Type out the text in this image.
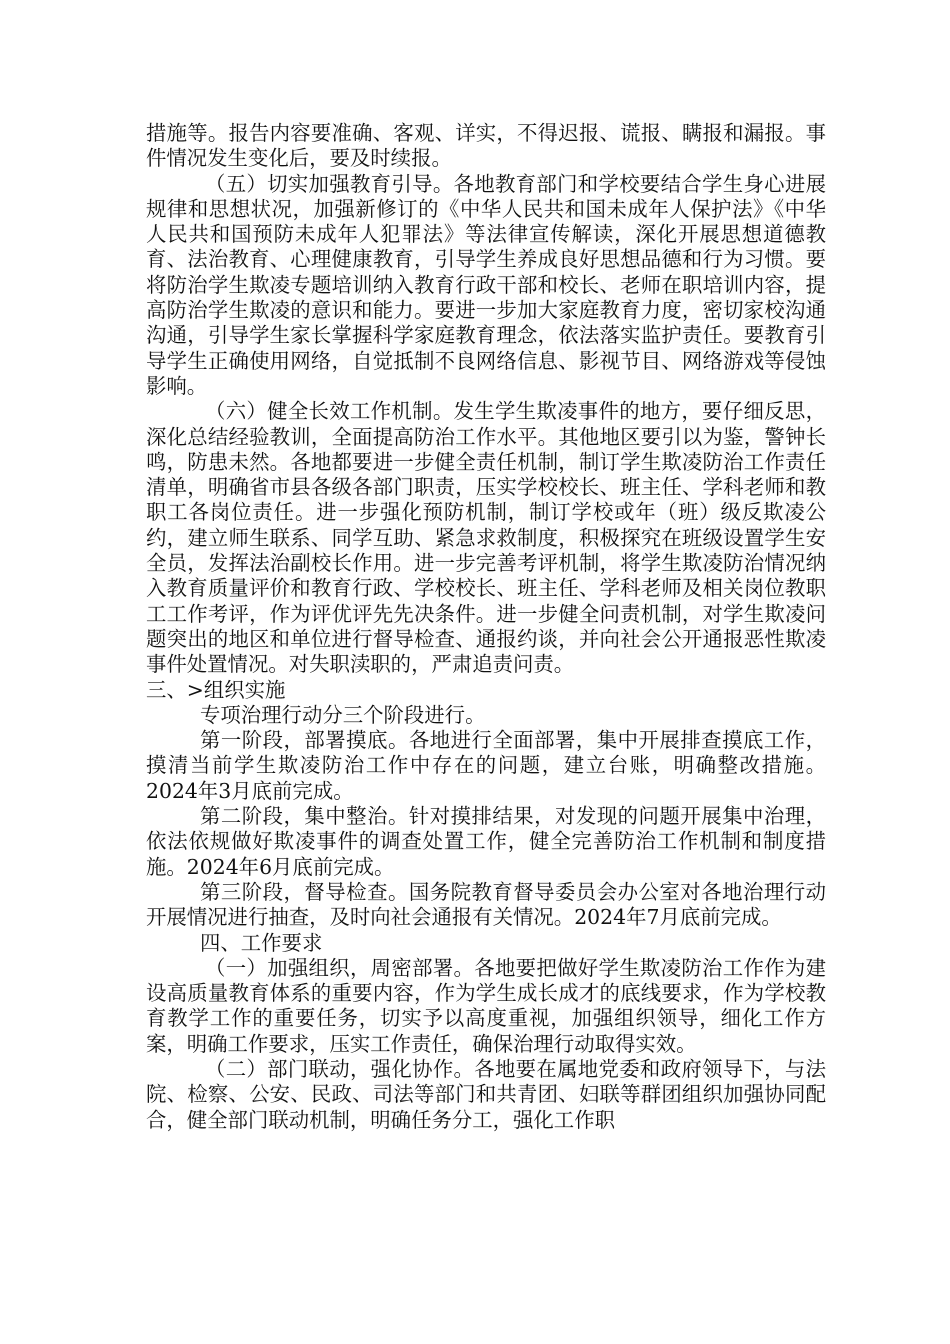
措施等。报告内容要准确、客观、详实，不得迟报、谎报、瞒报和漏报。事件情况发生变化后，要及时续报。

（五）切实加强教育引导。各地教育部门和学校要结合学生身心进展规律和思想状况，加强新修订的《中华人民共和国未成年人保护法》《中华人民共和国预防未成年人犯罪法》等法律宣传解读，深化开展思想道德教育、法治教育、心理健康教育，引导学生养成良好思想品德和行为习惯。要将防治学生欺凌专题培训纳入教育行政干部和校长、老师在职培训内容，提高防治学生欺凌的意识和能力。要进一步加大家庭教育力度，密切家校沟通沟通，引导学生家长掌握科学家庭教育理念，依法落实监护责任。要教育引导学生正确使用网络，自觉抵制不良网络信息、影视节目、网络游戏等侵蚀影响。

（六）健全长效工作机制。发生学生欺凌事件的地方，要仔细反思，深化总结经验教训，全面提高防治工作水平。其他地区要引以为鉴，警钟长鸣，防患未然。各地都要进一步健全责任机制，制订学生欺凌防治工作责任清单，明确省市县各级各部门职责，压实学校校长、班主任、学科老师和教职工各岗位责任。进一步强化预防机制，制订学校或年（班）级反欺凌公约，建立师生联系、同学互助、紧急求救制度，积极探究在班级设置学生安全员，发挥法治副校长作用。进一步完善考评机制，将学生欺凌防治情况纳入教育质量评价和教育行政、学校校长、班主任、学科老师及相关岗位教职工工作考评，作为评优评先先决条件。进一步健全问责机制，对学生欺凌问题突出的地区和单位进行督导检查、通报约谈，并向社会公开通报恶性欺凌事件处置情况。对失职渎职的，严肃追责问责。

三、>组织实施

专项治理行动分三个阶段进行。

第一阶段，部署摸底。各地进行全面部署，集中开展排查摸底工作，摸清当前学生欺凌防治工作中存在的问题，建立台账，明确整改措施。2024年3月底前完成。

第二阶段，集中整治。针对摸排结果，对发现的问题开展集中治理，依法依规做好欺凌事件的调查处置工作，健全完善防治工作机制和制度措施。2024年6月底前完成。

第三阶段，督导检查。国务院教育督导委员会办公室对各地治理行动开展情况进行抽查，及时向社会通报有关情况。2024年7月底前完成。

四、工作要求

（一）加强组织，周密部署。各地要把做好学生欺凌防治工作作为建设高质量教育体系的重要内容，作为学生成长成才的底线要求，作为学校教育教学工作的重要任务，切实予以高度重视，加强组织领导，细化工作方案，明确工作要求，压实工作责任，确保治理行动取得实效。

（二）部门联动，强化协作。各地要在属地党委和政府领导下，与法院、检察、公安、民政、司法等部门和共青团、妇联等群团组织加强协同配合，健全部门联动机制，明确任务分工，强化工作职
